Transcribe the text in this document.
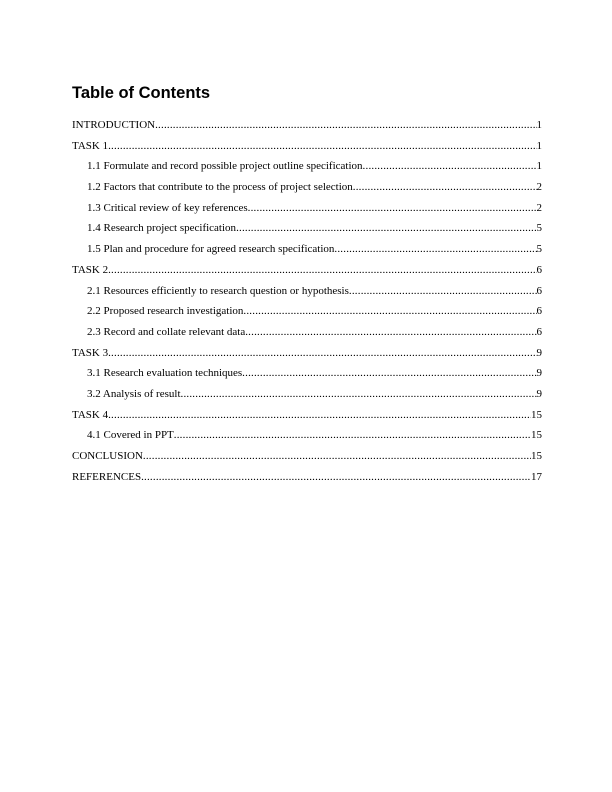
Table of Contents
INTRODUCTION .....	1
TASK 1 .....	1
1.1 Formulate and record possible project outline specification .....	1
1.2 Factors that contribute to the process of project selection .....	2
1.3 Critical review of key references .....	2
1.4 Research project specification .....	5
1.5 Plan and procedure for agreed research specification .....	5
TASK 2 .....	6
2.1 Resources efficiently to research question or hypothesis .....	6
2.2 Proposed research investigation .....	6
2.3 Record and collate relevant data .....	6
TASK 3 .....	9
3.1 Research evaluation techniques .....	9
3.2 Analysis of result .....	9
TASK 4 .....	15
4.1 Covered in PPT .....	15
CONCLUSION .....	15
REFERENCES .....	17
